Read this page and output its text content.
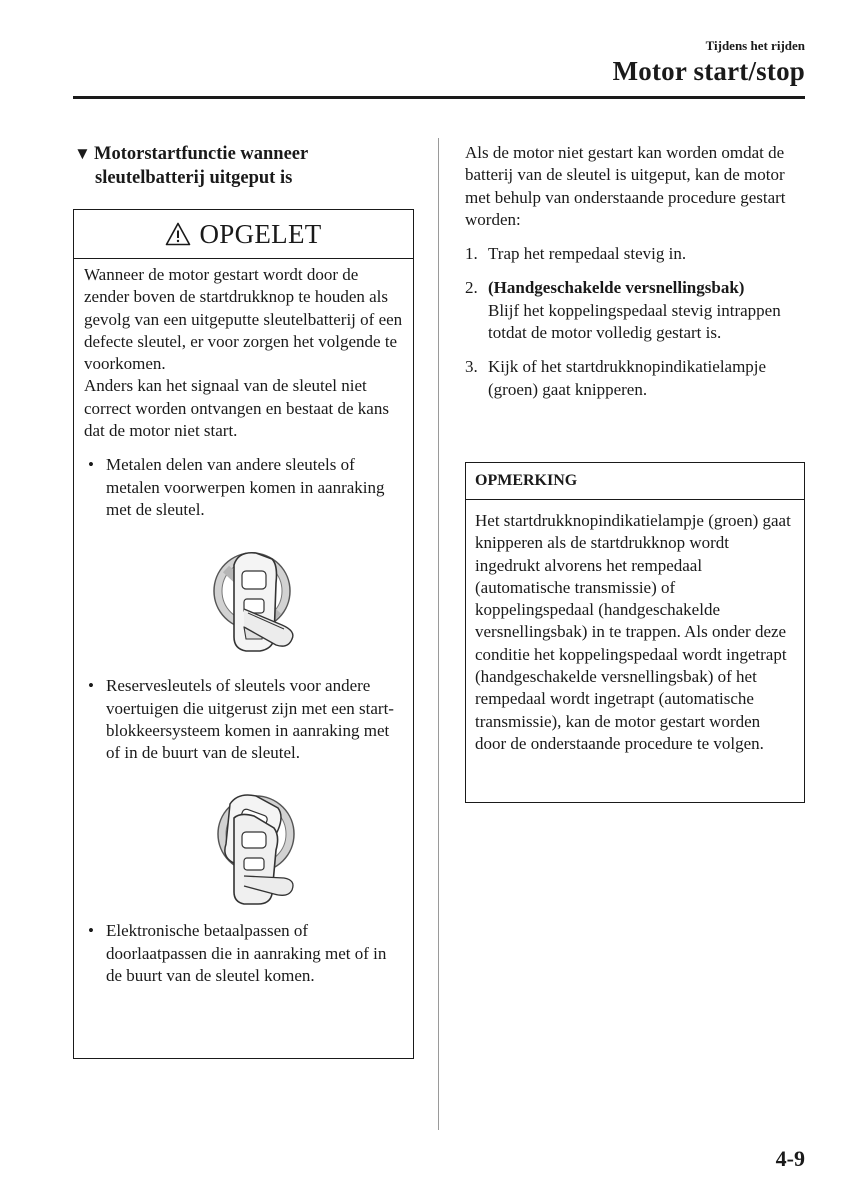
Tijdens het rijden
Motor start/stop
▼ Motorstartfunctie wanneer
sleutelbatterij uitgeput is
OPGELET

Wanneer de motor gestart wordt door de zender boven de startdrukknop te houden als gevolg van een uitgeputte sleutelbatterij of een defecte sleutel, er voor zorgen het volgende te voorkomen.

Anders kan het signaal van de sleutel niet correct worden ontvangen en bestaat de kans dat de motor niet start.

• Metalen delen van andere sleutels of metalen voorwerpen komen in aanraking met de sleutel.
• Reservesleutels of sleutels voor andere voertuigen die uitgerust zijn met een start-blokkeersysteem komen in aanraking met of in de buurt van de sleutel.
• Elektronische betaalpassen of doorlaatpassen die in aanraking met of in de buurt van de sleutel komen.

Als de motor niet gestart kan worden omdat de batterij van de sleutel is uitgeput, kan de motor met behulp van onderstaande procedure gestart worden:

1. Trap het rempedaal stevig in.
2. (Handgeschakelde versnellingsbak)
Blijf het koppelingspedaal stevig intrappen totdat de motor volledig gestart is.
3. Kijk of het startdrukknopindikatielampje (groen) gaat knipperen.
OPMERKING
Het startdrukknopindikatielampje (groen) gaat knipperen als de startdrukknop wordt ingedrukt alvorens het rempedaal (automatische transmissie) of koppelingspedaal (handgeschakelde versnellingsbak) in te trappen. Als onder deze conditie het koppelingspedaal wordt ingetrapt (handgeschakelde versnellingsbak) of het rempedaal wordt ingetrapt (automatische transmissie), kan de motor gestart worden door de onderstaande procedure te volgen.
4-9
